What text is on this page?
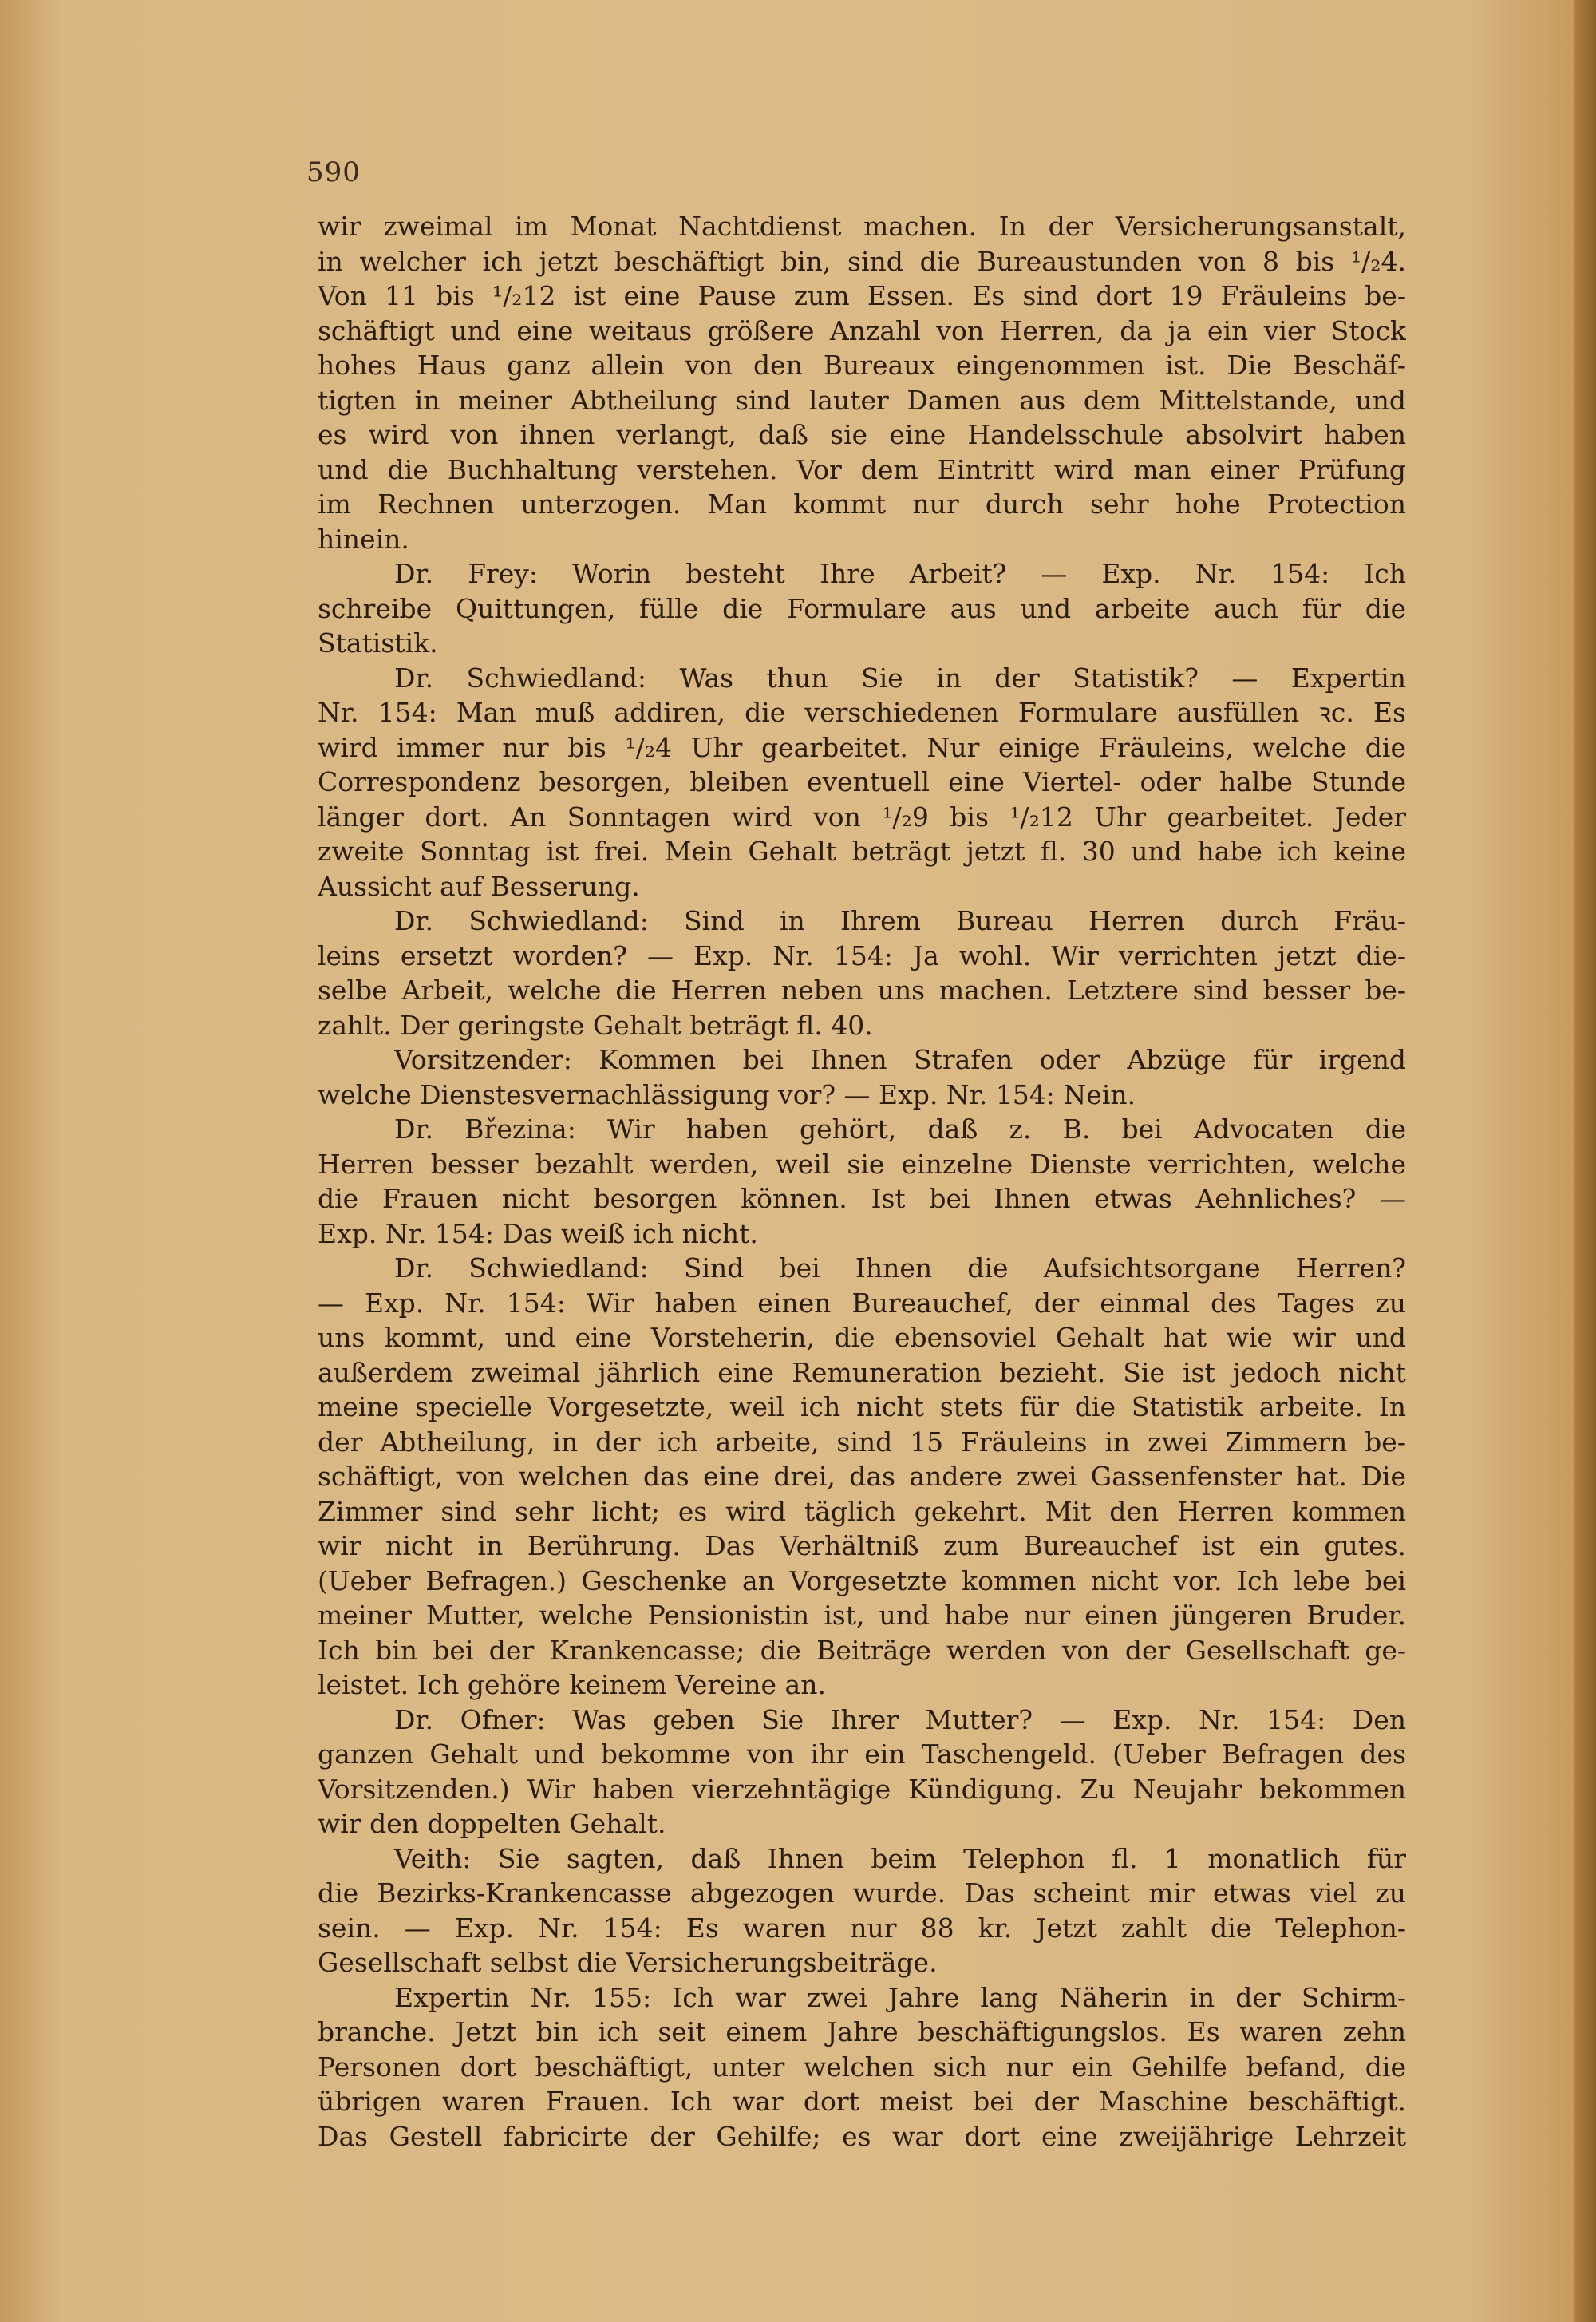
590
wir zweimal im Monat Nachtdienst machen. In der Versicherungsanstalt,
in welcher ich jetzt beschäftigt bin, sind die Bureaustunden von 8 bis ¹/₂4.
Von 11 bis ¹/₂12 ist eine Pause zum Essen. Es sind dort 19 Fräuleins be-
schäftigt und eine weitaus größere Anzahl von Herren, da ja ein vier Stock
hohes Haus ganz allein von den Bureaux eingenommen ist. Die Beschäf-
tigten in meiner Abtheilung sind lauter Damen aus dem Mittelstande, und
es wird von ihnen verlangt, daß sie eine Handelsschule absolvirt haben
und die Buchhaltung verstehen. Vor dem Eintritt wird man einer Prüfung
im Rechnen unterzogen. Man kommt nur durch sehr hohe Protection
hinein.
Dr. Frey: Worin besteht Ihre Arbeit? — Exp. Nr. 154: Ich
schreibe Quittungen, fülle die Formulare aus und arbeite auch für die
Statistik.
Dr. Schwiedland: Was thun Sie in der Statistik? — Expertin
Nr. 154: Man muß addiren, die verschiedenen Formulare ausfüllen ꝛc. Es
wird immer nur bis ¹/₂4 Uhr gearbeitet. Nur einige Fräuleins, welche die
Correspondenz besorgen, bleiben eventuell eine Viertel- oder halbe Stunde
länger dort. An Sonntagen wird von ¹/₂9 bis ¹/₂12 Uhr gearbeitet. Jeder
zweite Sonntag ist frei. Mein Gehalt beträgt jetzt fl. 30 und habe ich keine
Aussicht auf Besserung.
Dr. Schwiedland: Sind in Ihrem Bureau Herren durch Fräu-
leins ersetzt worden? — Exp. Nr. 154: Ja wohl. Wir verrichten jetzt die-
selbe Arbeit, welche die Herren neben uns machen. Letztere sind besser be-
zahlt. Der geringste Gehalt beträgt fl. 40.
Vorsitzender: Kommen bei Ihnen Strafen oder Abzüge für irgend
welche Dienstesvernachlässigung vor? — Exp. Nr. 154: Nein.
Dr. Březina: Wir haben gehört, daß z. B. bei Advocaten die
Herren besser bezahlt werden, weil sie einzelne Dienste verrichten, welche
die Frauen nicht besorgen können. Ist bei Ihnen etwas Aehnliches? —
Exp. Nr. 154: Das weiß ich nicht.
Dr. Schwiedland: Sind bei Ihnen die Aufsichtsorgane Herren?
— Exp. Nr. 154: Wir haben einen Bureauchef, der einmal des Tages zu
uns kommt, und eine Vorsteherin, die ebensoviel Gehalt hat wie wir und
außerdem zweimal jährlich eine Remuneration bezieht. Sie ist jedoch nicht
meine specielle Vorgesetzte, weil ich nicht stets für die Statistik arbeite. In
der Abtheilung, in der ich arbeite, sind 15 Fräuleins in zwei Zimmern be-
schäftigt, von welchen das eine drei, das andere zwei Gassenfenster hat. Die
Zimmer sind sehr licht; es wird täglich gekehrt. Mit den Herren kommen
wir nicht in Berührung. Das Verhältniß zum Bureauchef ist ein gutes.
(Ueber Befragen.) Geschenke an Vorgesetzte kommen nicht vor. Ich lebe bei
meiner Mutter, welche Pensionistin ist, und habe nur einen jüngeren Bruder.
Ich bin bei der Krankencasse; die Beiträge werden von der Gesellschaft ge-
leistet. Ich gehöre keinem Vereine an.
Dr. Ofner: Was geben Sie Ihrer Mutter? — Exp. Nr. 154: Den
ganzen Gehalt und bekomme von ihr ein Taschengeld. (Ueber Befragen des
Vorsitzenden.) Wir haben vierzehntägige Kündigung. Zu Neujahr bekommen
wir den doppelten Gehalt.
Veith: Sie sagten, daß Ihnen beim Telephon fl. 1 monatlich für
die Bezirks-Krankencasse abgezogen wurde. Das scheint mir etwas viel zu
sein. — Exp. Nr. 154: Es waren nur 88 kr. Jetzt zahlt die Telephon-
Gesellschaft selbst die Versicherungsbeiträge.
Expertin Nr. 155: Ich war zwei Jahre lang Näherin in der Schirm-
branche. Jetzt bin ich seit einem Jahre beschäftigungslos. Es waren zehn
Personen dort beschäftigt, unter welchen sich nur ein Gehilfe befand, die
übrigen waren Frauen. Ich war dort meist bei der Maschine beschäftigt.
Das Gestell fabricirte der Gehilfe; es war dort eine zweijährige Lehrzeit
